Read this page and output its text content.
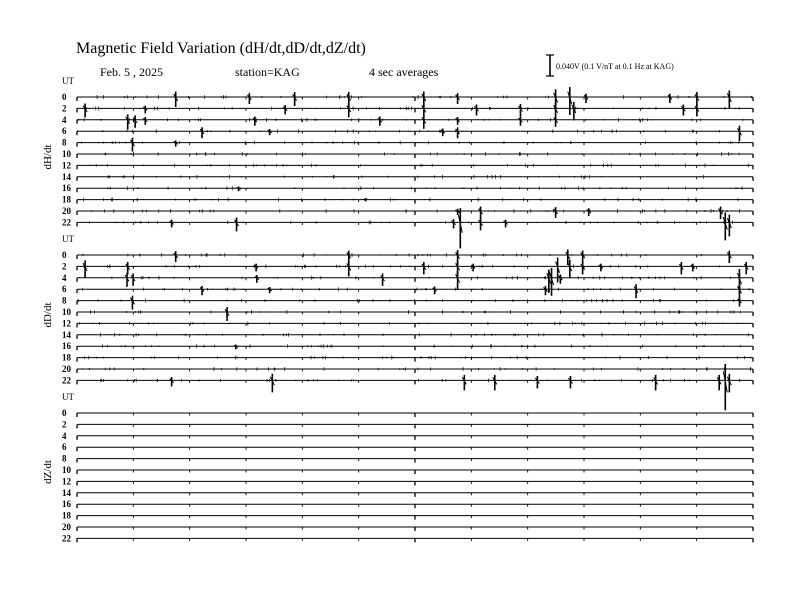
Magnetic Field Variation (dH/dt,dD/dt,dZ/dt)
Feb. 5 , 2025	station=KAG	4 sec averages	0.040V (0.1 V/nT at 0.1 Hz at KAG)
UT
dH/dt
0
2
4
6
8
10
12
14
16
18
20
22
UT
dD/dt
0
2
4
6
8
10
12
14
16
18
20
22
UT
dZ/dt
0
2
4
6
8
10
12
14
16
18
20
22
